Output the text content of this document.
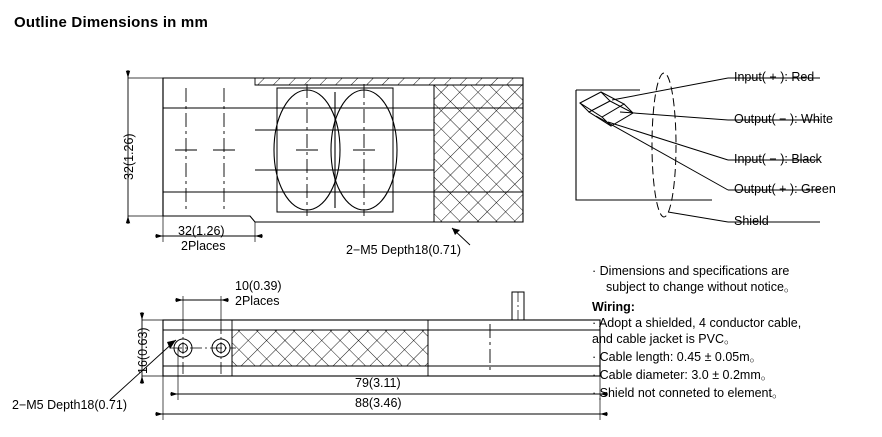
Outline Dimensions in mm
32(1.26)
32(1.26)
2Places	2−M5 Depth18(0.71)
10(0.39)
2Places
16(0.63)
2−M5 Depth18(0.71)
79(3.11)
88(3.46)
Input( + ): Red
Output( − ): White
Input( − ): Black
Output( + ): Green
Shield
· Dimensions and specifications are
subject to change without notice。
Wiring:
· Adopt a shielded, 4 conductor cable,
and cable jacket is PVC。
· Cable length: 0.45 ± 0.05m。
· Cable diameter: 3.0 ± 0.2mm。
· Shield not conneted to element。
